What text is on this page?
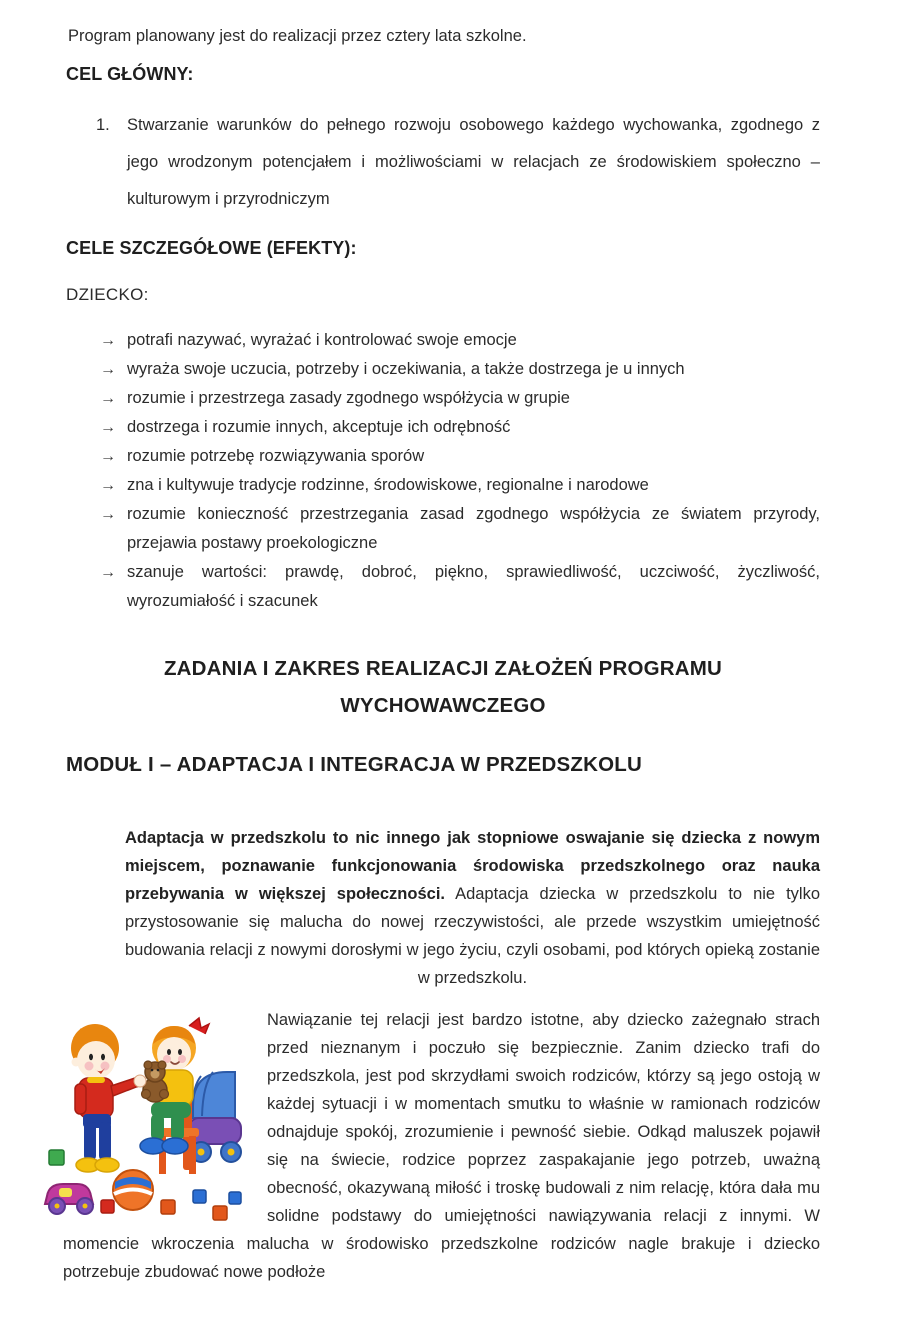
Program planowany jest do realizacji przez cztery lata szkolne.

CEL GŁÓWNY:
1.	Stwarzanie warunków do pełnego rozwoju osobowego każdego wychowanka, zgodnego z jego wrodzonym potencjałem i możliwościami w relacjach ze środowiskiem społeczno – kulturowym i przyrodniczym
CELE SZCZEGÓŁOWE (EFEKTY):

DZIECKO:

→ potrafi nazywać, wyrażać i kontrolować swoje emocje
→ wyraża swoje uczucia, potrzeby i oczekiwania, a także dostrzega je u innych
→ rozumie i przestrzega zasady zgodnego współżycia w grupie
→ dostrzega i rozumie innych, akceptuje ich odrębność
→ rozumie potrzebę rozwiązywania sporów
→ zna i kultywuje tradycje rodzinne, środowiskowe, regionalne i narodowe
→ rozumie konieczność przestrzegania zasad zgodnego współżycia ze światem przyrody, przejawia postawy proekologiczne
→ szanuje wartości: prawdę, dobroć, piękno, sprawiedliwość, uczciwość, życzliwość, wyrozumiałość i szacunek
ZADANIA I ZAKRES REALIZACJI ZAŁOŻEŃ PROGRAMU WYCHOWAWCZEGO
MODUŁ I – ADAPTACJA I INTEGRACJA W PRZEDSZKOLU

Adaptacja w przedszkolu to nic innego jak stopniowe oswajanie się dziecka z nowym miejscem, poznawanie funkcjonowania środowiska przedszkolnego oraz nauka przebywania w większej społeczności. Adaptacja dziecka w przedszkolu to nie tylko przystosowanie się malucha do nowej rzeczywistości, ale przede wszystkim umiejętność budowania relacji z nowymi dorosłymi w jego życiu, czyli osobami, pod których opieką zostanie w przedszkolu.

Nawiązanie tej relacji jest bardzo istotne, aby dziecko zażegnało strach przed nieznanym i poczuło się bezpiecznie. Zanim dziecko trafi do przedszkola, jest pod skrzydłami swoich rodziców, którzy są jego ostoją w każdej sytuacji i w momentach smutku to właśnie w ramionach rodziców odnajduje spokój, zrozumienie i pewność siebie. Odkąd maluszek pojawił się na świecie, rodzice poprzez zaspakajanie jego potrzeb, uważną obecność, okazywaną miłość i troskę budowali z nim relację, która dała mu solidne podstawy do umiejętności nawiązywania relacji z innymi. W momencie wkroczenia malucha w środowisko przedszkolne rodziców nagle brakuje i dziecko potrzebuje zbudować nowe podłoże
